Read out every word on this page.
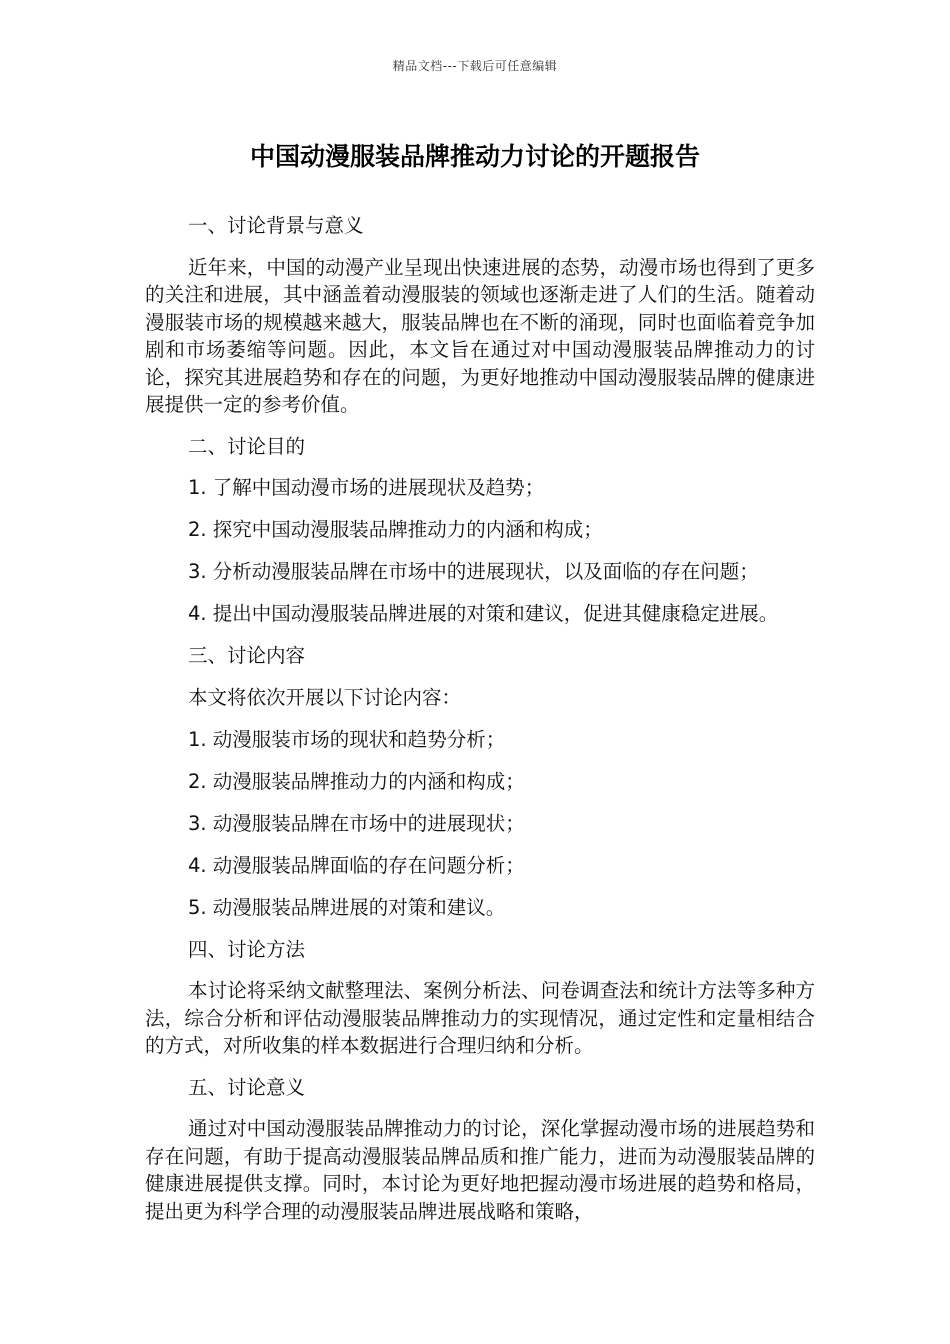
精品文档---下载后可任意编辑
中国动漫服装品牌推动力讨论的开题报告
一、讨论背景与意义
近年来，中国的动漫产业呈现出快速进展的态势，动漫市场也得到了更多的关注和进展，其中涵盖着动漫服装的领域也逐渐走进了人们的生活。随着动漫服装市场的规模越来越大，服装品牌也在不断的涌现，同时也面临着竞争加剧和市场萎缩等问题。因此，本文旨在通过对中国动漫服装品牌推动力的讨论，探究其进展趋势和存在的问题，为更好地推动中国动漫服装品牌的健康进展提供一定的参考价值。
二、讨论目的
1. 了解中国动漫市场的进展现状及趋势；
2. 探究中国动漫服装品牌推动力的内涵和构成；
3. 分析动漫服装品牌在市场中的进展现状，以及面临的存在问题；
4. 提出中国动漫服装品牌进展的对策和建议，促进其健康稳定进展。
三、讨论内容
本文将依次开展以下讨论内容：
1. 动漫服装市场的现状和趋势分析；
2. 动漫服装品牌推动力的内涵和构成；
3. 动漫服装品牌在市场中的进展现状；
4. 动漫服装品牌面临的存在问题分析；
5. 动漫服装品牌进展的对策和建议。
四、讨论方法
本讨论将采纳文献整理法、案例分析法、问卷调查法和统计方法等多种方法，综合分析和评估动漫服装品牌推动力的实现情况，通过定性和定量相结合的方式，对所收集的样本数据进行合理归纳和分析。
五、讨论意义
通过对中国动漫服装品牌推动力的讨论，深化掌握动漫市场的进展趋势和存在问题，有助于提高动漫服装品牌品质和推广能力，进而为动漫服装品牌的健康进展提供支撑。同时，本讨论为更好地把握动漫市场进展的趋势和格局，提出更为科学合理的动漫服装品牌进展战略和策略，
